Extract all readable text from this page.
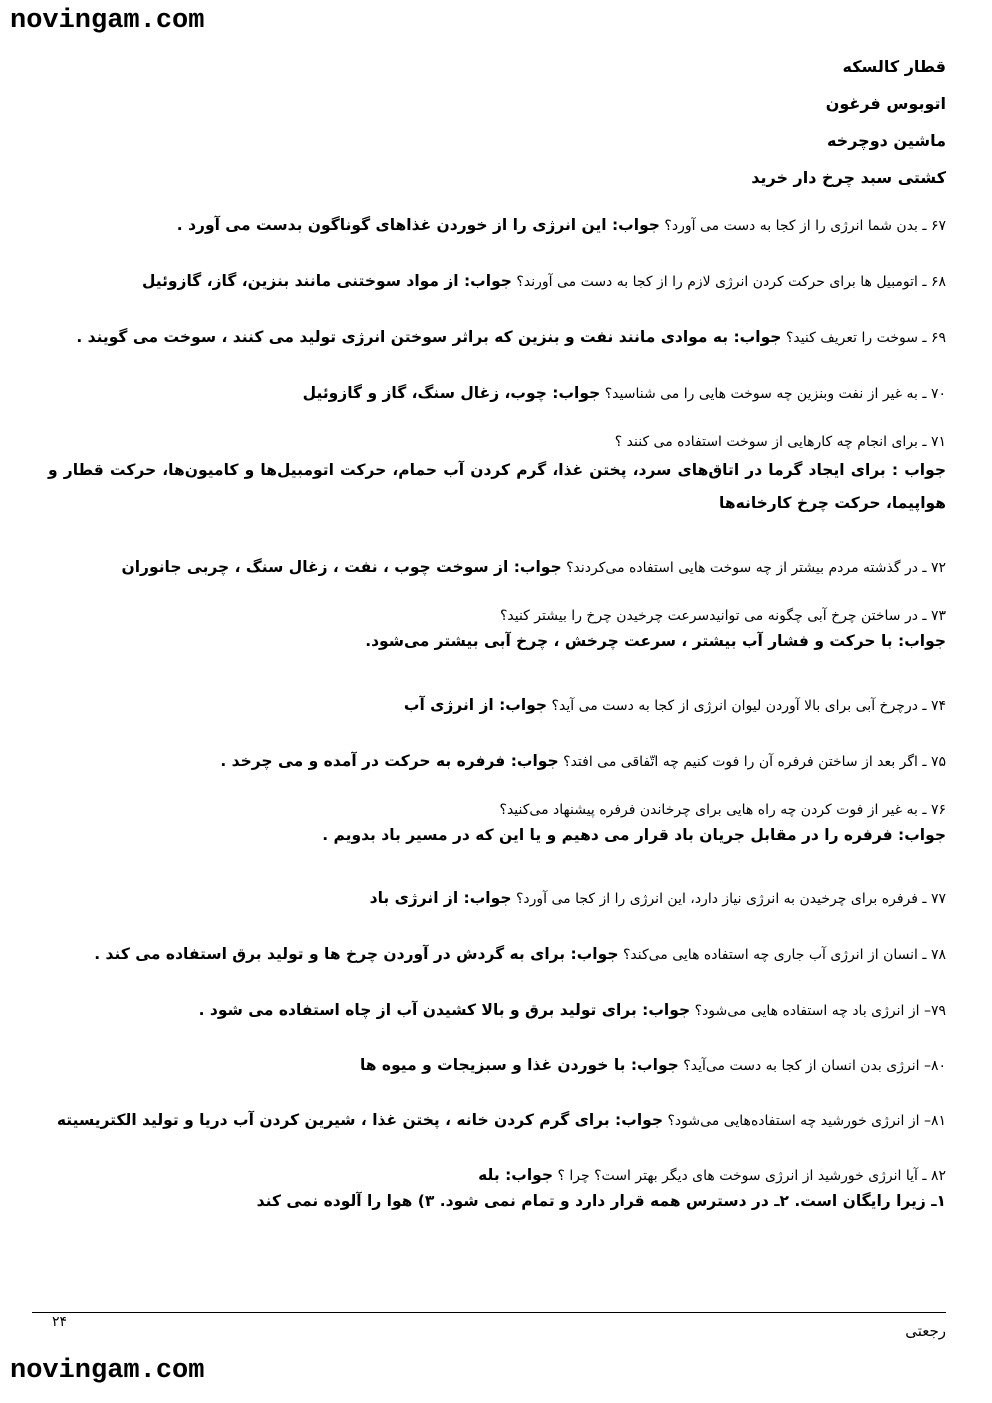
novingam.com
قطار کالسکه
اتوبوس فرغون
ماشین دوچرخه
کشتی سبد چرخ دار خرید
۶۷ ـ بدن شما انرژی را از کجا به دست می آورد؟ جواب: این انرژی را از خوردن غذاهای گوناگون بدست می آورد .
۶۸ ـ اتومبیل ها برای حرکت کردن انرژی لازم را از کجا به دست می آورند؟ جواب: از مواد سوختنی مانند بنزین، گاز، گازوئیل
۶۹ ـ سوخت را تعریف کنید؟ جواب: به موادی مانند نفت و بنزین که براثر سوختن انرژی تولید می کنند ، سوخت می گویند .
۷۰ ـ به غیر از نفت وبنزین چه سوخت هایی را می شناسید؟ جواب: چوب، زغال سنگ، گاز و گازوئیل
۷۱ ـ برای انجام چه کارهایی از سوخت استفاده می کنند ؟
جواب : برای ایجاد گرما در اتاق‌های سرد، پختن غذا، گرم کردن آب حمام، حرکت اتومبیل‌ها و کامیون‌ها، حرکت قطار و هواپیما، حرکت چرخ کارخانه‌ها
۷۲ ـ در گذشته مردم بیشتر از چه سوخت هایی استفاده می‌کردند؟ جواب: از سوخت چوب ، نفت ، زغال سنگ ، چربی جانوران
۷۳ ـ در ساختن چرخ آبی چگونه می توانیدسرعت چرخیدن چرخ را بیشتر کنید؟
جواب: با حرکت و فشار آب بیشتر ، سرعت چرخش ، چرخ آبی بیشتر می‌شود.
۷۴ ـ درچرخ آبی برای بالا آوردن لیوان انرژی از کجا به دست می آید؟ جواب: از انرژی آب
۷۵ ـ اگر بعد از ساختن فرفره آن را فوت کنیم چه اتّفاقی می افتد؟ جواب: فرفره به حرکت در آمده و می چرخد .
۷۶ ـ به غیر از فوت کردن چه راه هایی برای چرخاندن فرفره پیشنهاد می‌کنید؟
جواب: فرفره را در مقابل جریان باد قرار می دهیم و یا این که در مسیر باد بدویم .
۷۷ ـ فرفره برای چرخیدن به انرژی نیاز دارد، این انرژی را از کجا می آورد؟ جواب: از انرژی باد
۷۸ ـ انسان از انرژی آب جاری چه استفاده هایی می‌کند؟ جواب: برای به گردش در آوردن چرخ ها و تولید برق استفاده می کند .
۷۹– از انرژی باد چه استفاده هایی می‌شود؟ جواب: برای تولید برق و بالا کشیدن آب از چاه استفاده می شود .
۸۰– انرژی بدن انسان از کجا به دست می‌آید؟ جواب: با خوردن غذا و سبزیجات و میوه ها
۸۱– از انرژی خورشید چه استفاده‌هایی می‌شود؟ جواب: برای گرم کردن خانه ، پختن غذا ، شیرین کردن آب دریا و تولید الکتریسیته
۸۲ ـ آیا انرژی خورشید از انرژی سوخت های دیگر بهتر است؟ چرا ؟ جواب: بله
۱ـ زیرا رایگان است. ۲ـ در دسترس همه قرار دارد و تمام نمی شود. ۳) هوا را آلوده نمی کند
۲۴	رجعتی
novingam.com
